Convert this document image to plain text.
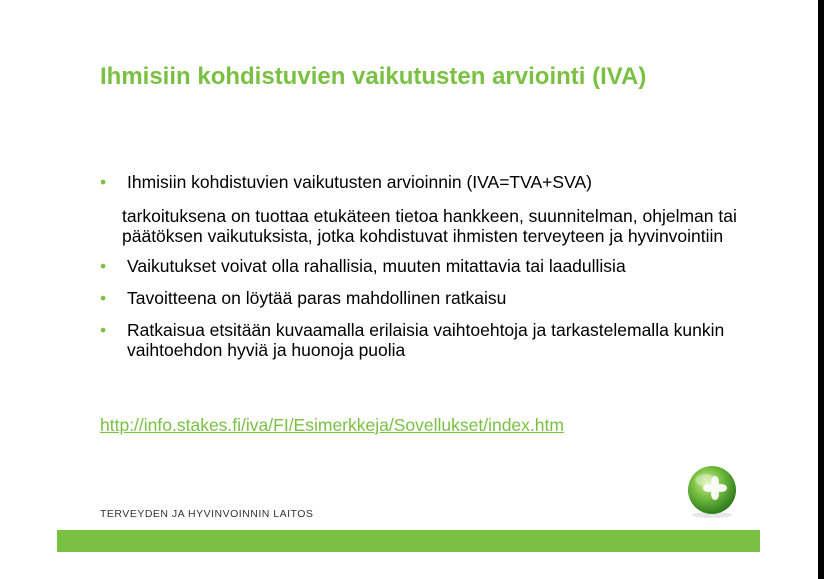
Ihmisiin kohdistuvien vaikutusten arviointi (IVA)
• Ihmisiin kohdistuvien vaikutusten arvioinnin (IVA=TVA+SVA)
tarkoituksena on tuottaa etukäteen tietoa hankkeen, suunnitelman, ohjelman tai päätöksen vaikutuksista, jotka kohdistuvat ihmisten terveyteen ja hyvinvointiin
• Vaikutukset voivat olla rahallisia, muuten mitattavia tai laadullisia
• Tavoitteena on löytää paras mahdollinen ratkaisu
• Ratkaisua etsitään kuvaamalla erilaisia vaihtoehtoja ja tarkastelemalla kunkin vaihtoehdon hyviä ja huonoja puolia
http://info.stakes.fi/iva/FI/Esimerkkeja/Sovellukset/index.htm
TERVEYDEN JA HYVINVOINNIN LAITOS
